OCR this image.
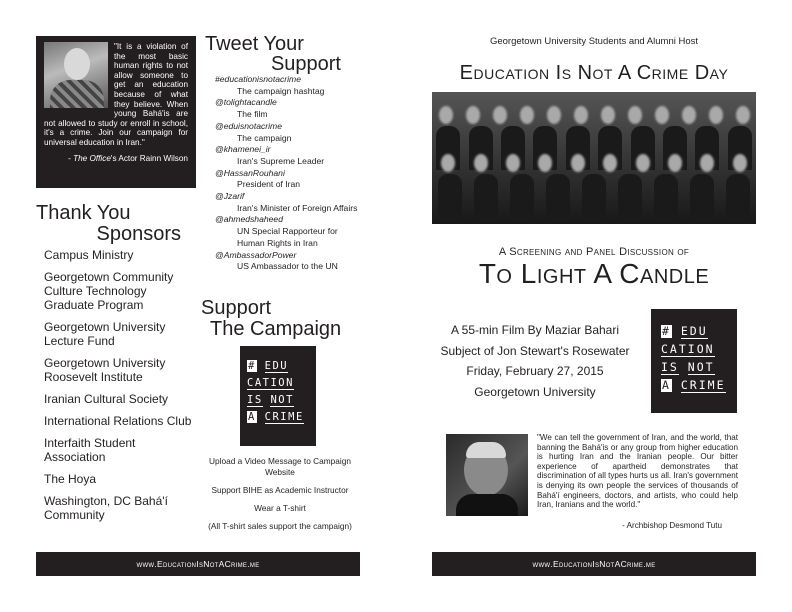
"It is a violation of the most basic human rights to not allow someone to get an education because of what they believe. When young Bahá'is are not allowed to study or enroll in school, it's a crime. Join our campaign for universal education in Iran."
- The Office's Actor Rainn Wilson
Thank You
Sponsors
Campus Ministry
Georgetown Community Culture Technology Graduate Program
Georgetown University Lecture Fund
Georgetown University Roosevelt Institute
Iranian Cultural Society
International Relations Club
Interfaith Student Association
The Hoya
Washington, DC Bahá'í Community
Tweet Your
Support
#educationisnotacrime
The campaign hashtag
@tolightacandle
The film
@eduisnotacrime
The campaign
@khamenei_ir
Iran's Supreme Leader
@HassanRouhani
President of Iran
@Jzarif
Iran's Minister of Foreign Affairs
@ahmedshaheed
UN Special Rapporteur for Human Rights in Iran
@AmbassadorPower
US Ambassador to the UN
Support
The Campaign
# EDU
CATION
IS NOT
A CRIME
Upload a Video Message to Campaign Website
Support BIHE as Academic Instructor
Wear a T-shirt
(All T-shirt sales support the campaign)
www.EducationIsNotACrime.me
Georgetown University Students and Alumni Host
Education Is Not A Crime Day
A Screening and Panel Discussion of
To Light A Candle
A 55-min Film By Maziar Bahari
Subject of Jon Stewart's Rosewater
Friday, February 27, 2015
Georgetown University
# EDU
CATION
IS NOT
A CRIME
"We can tell the government of Iran, and the world, that banning the Bahá'is or any group from higher education is hurting Iran and the Iranian people. Our bitter experience of apartheid demonstrates that discrimination of all types hurts us all. Iran's government is denying its own people the services of thousands of Bahá'í engineers, doctors, and artists, who could help Iran, Iranians and the world."
- Archbishop Desmond Tutu
www.EducationIsNotACrime.me
